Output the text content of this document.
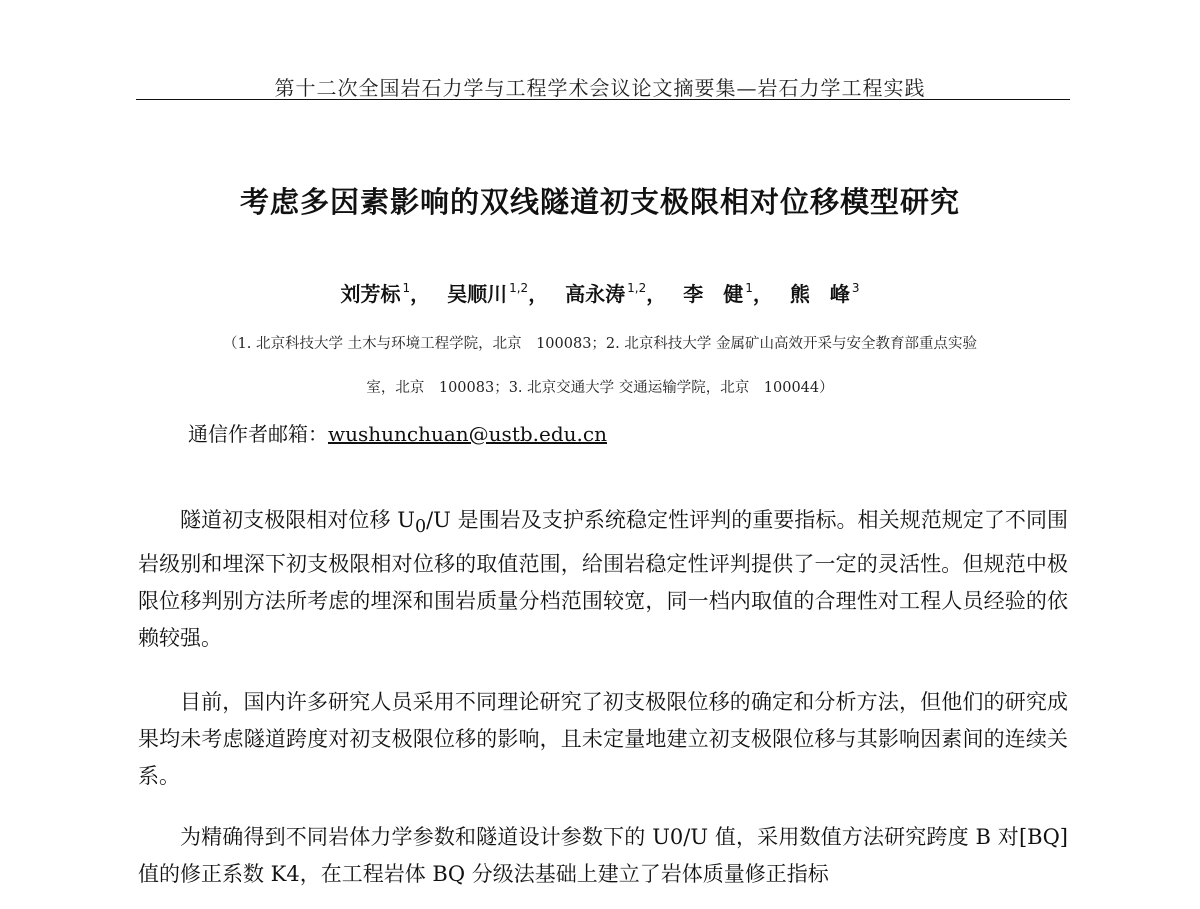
第十二次全国岩石力学与工程学术会议论文摘要集—岩石力学工程实践
考虑多因素影响的双线隧道初支极限相对位移模型研究
刘芳标 $^1$， 吴顺川 $^{1,2}$， 高永涛 $^{1,2}$， 李　健 $^1$， 熊　峰 $^3$
（1. 北京科技大学 土木与环境工程学院，北京　100083；2. 北京科技大学 金属矿山高效开采与安全教育部重点实验
室，北京　100083；3. 北京交通大学 交通运输学院，北京　100044）
通信作者邮箱：wushunchuan@ustb.edu.cn

隧道初支极限相对位移 $U_0/U$ 是围岩及支护系统稳定性评判的重要指标。相关规范规定了不同围岩级别和埋深下初支极限相对位移的取值范围，给围岩稳定性评判提供了一定的灵活性。但规范中极限位移判别方法所考虑的埋深和围岩质量分档范围较宽，同一档内取值的合理性对工程人员经验的依赖较强。

目前，国内许多研究人员采用不同理论研究了初支极限位移的确定和分析方法，但他们的研究成果均未考虑隧道跨度对初支极限位移的影响，且未定量地建立初支极限位移与其影响因素间的连续关系。

为精确得到不同岩体力学参数和隧道设计参数下的 U0/U 值，采用数值方法研究跨度 B 对[BQ]值的修正系数 K4，在工程岩体 BQ 分级法基础上建立了岩体质量修正指标
